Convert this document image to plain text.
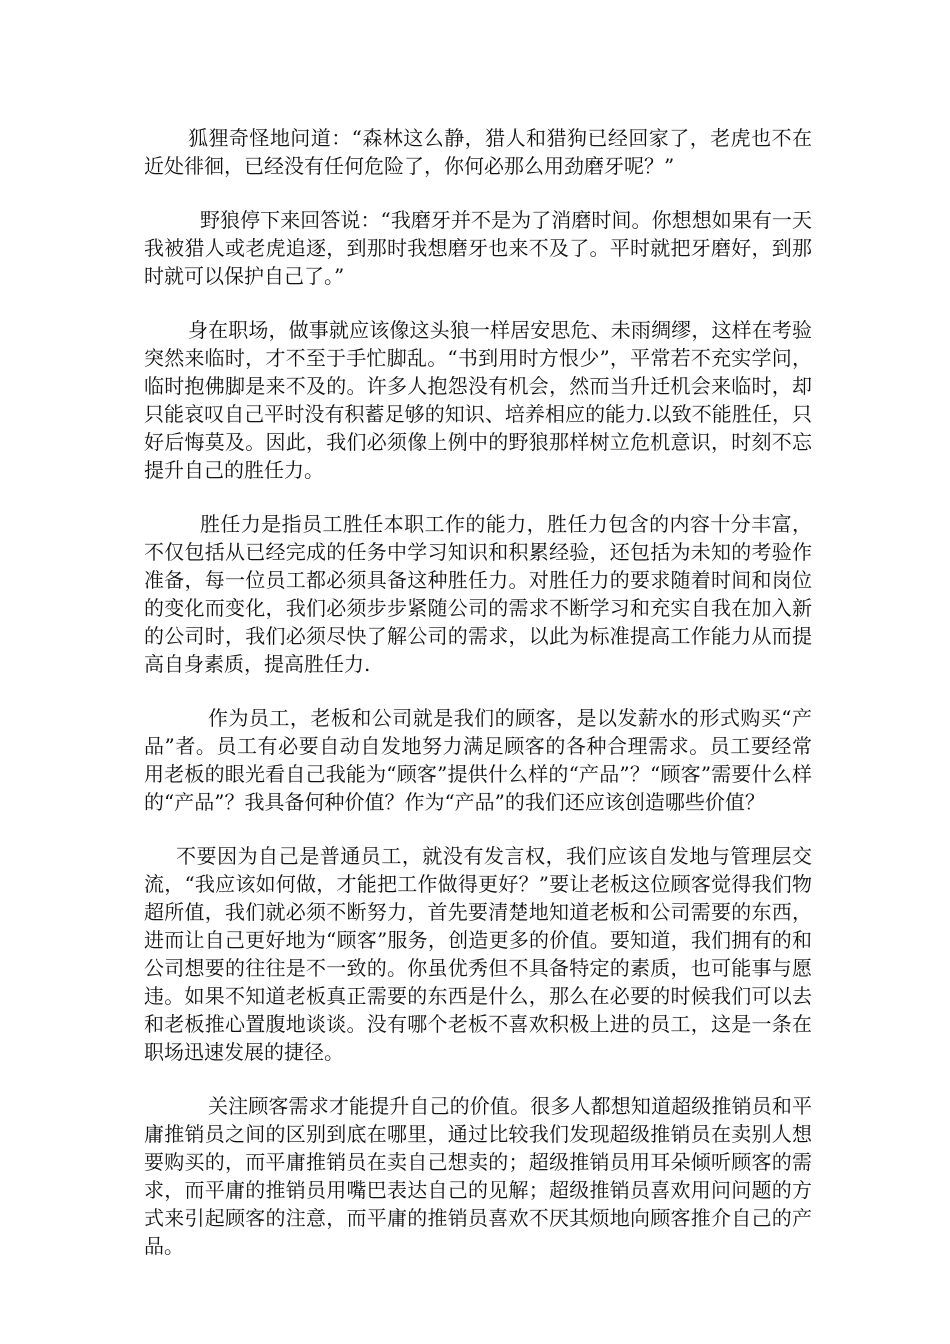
狐狸奇怪地问道：“森林这么静，猎人和猎狗已经回家了，老虎也不在近处徘徊，已经没有任何危险了，你何必那么用劲磨牙呢？”

野狼停下来回答说：“我磨牙并不是为了消磨时间。你想想如果有一天我被猎人或老虎追逐，到那时我想磨牙也来不及了。平时就把牙磨好，到那时就可以保护自己了。”

身在职场，做事就应该像这头狼一样居安思危、未雨绸缪，这样在考验突然来临时，才不至于手忙脚乱。“书到用时方恨少”，平常若不充实学问，临时抱佛脚是来不及的。许多人抱怨没有机会，然而当升迁机会来临时，却只能哀叹自己平时没有积蓄足够的知识、培养相应的能力.以致不能胜任，只好后悔莫及。因此，我们必须像上例中的野狼那样树立危机意识，时刻不忘提升自己的胜任力。

胜任力是指员工胜任本职工作的能力，胜任力包含的内容十分丰富，不仅包括从已经完成的任务中学习知识和积累经验，还包括为未知的考验作准备，每一位员工都必须具备这种胜任力。对胜任力的要求随着时间和岗位的变化而变化，我们必须步步紧随公司的需求不断学习和充实自我在加入新的公司时，我们必须尽快了解公司的需求，以此为标准提高工作能力从而提高自身素质，提高胜任力.

作为员工，老板和公司就是我们的顾客，是以发薪水的形式购买“产品”者。员工有必要自动自发地努力满足顾客的各种合理需求。员工要经常用老板的眼光看自己我能为“顾客”提供什么样的“产品”？“顾客”需要什么样的“产品”？我具备何种价值？作为“产品”的我们还应该创造哪些价值？

不要因为自己是普通员工，就没有发言权，我们应该自发地与管理层交流，“我应该如何做，才能把工作做得更好？”要让老板这位顾客觉得我们物超所值，我们就必须不断努力，首先要清楚地知道老板和公司需要的东西，进而让自己更好地为“顾客”服务，创造更多的价值。要知道，我们拥有的和公司想要的往往是不一致的。你虽优秀但不具备特定的素质，也可能事与愿违。如果不知道老板真正需要的东西是什么，那么在必要的时候我们可以去和老板推心置腹地谈谈。没有哪个老板不喜欢积极上进的员工，这是一条在职场迅速发展的捷径。

关注顾客需求才能提升自己的价值。很多人都想知道超级推销员和平庸推销员之间的区别到底在哪里，通过比较我们发现超级推销员在卖别人想要购买的，而平庸推销员在卖自己想卖的；超级推销员用耳朵倾听顾客的需求，而平庸的推销员用嘴巴表达自己的见解；超级推销员喜欢用问问题的方式来引起顾客的注意，而平庸的推销员喜欢不厌其烦地向顾客推介自己的产品。
